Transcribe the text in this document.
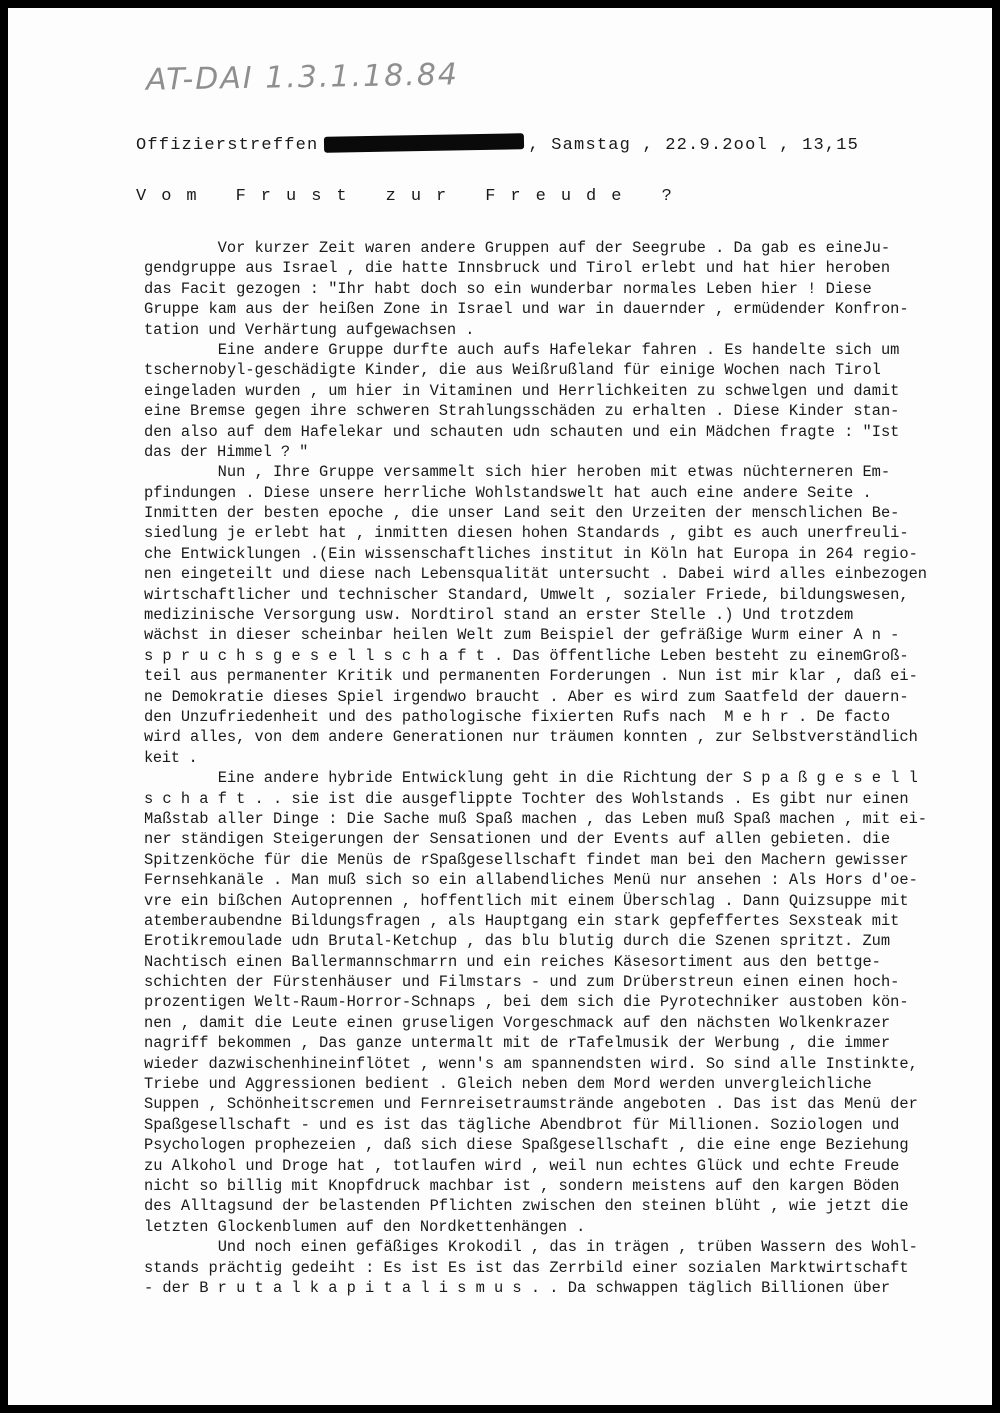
AT-DAI 1.3.1.18.84
Offizierstreffen	, Samstag , 22.9.2ool , 13,15
Vom Frust zur Freude ?
Vor kurzer Zeit waren andere Gruppen auf der Seegrube . Da gab es eineJu-
gendgruppe aus Israel , die hatte Innsbruck und Tirol erlebt und hat hier heroben
das Facit gezogen : "Ihr habt doch so ein wunderbar normales Leben hier ! Diese
Gruppe kam aus der heißen Zone in Israel und war in dauernder , ermüdender Konfron-
tation und Verhärtung aufgewachsen .
Eine andere Gruppe durfte auch aufs Hafelekar fahren . Es handelte sich um
tschernobyl-geschädigte Kinder, die aus Weißrußland für einige Wochen nach Tirol
eingeladen wurden , um hier in Vitaminen und Herrlichkeiten zu schwelgen und damit
eine Bremse gegen ihre schweren Strahlungsschäden zu erhalten . Diese Kinder stan-
den also auf dem Hafelekar und schauten udn schauten und ein Mädchen fragte : "Ist
das der Himmel ? "
Nun , Ihre Gruppe versammelt sich hier heroben mit etwas nüchterneren Em-
pfindungen . Diese unsere herrliche Wohlstandswelt hat auch eine andere Seite .
Inmitten der besten epoche , die unser Land seit den Urzeiten der menschlichen Be-
siedlung je erlebt hat , inmitten diesen hohen Standards , gibt es auch unerfreuli-
che Entwicklungen .(Ein wissenschaftliches institut in Köln hat Europa in 264 regio-
nen eingeteilt und diese nach Lebensqualität untersucht . Dabei wird alles einbezogen
wirtschaftlicher und technischer Standard, Umwelt , sozialer Friede, bildungswesen,
medizinische Versorgung usw. Nordtirol stand an erster Stelle .) Und trotzdem
wächst in dieser scheinbar heilen Welt zum Beispiel der gefräßige Wurm einer A n -
s p r u c h s g e s e l l s c h a f t . Das öffentliche Leben besteht zu einemGroß-
teil aus permanenter Kritik und permanenten Forderungen . Nun ist mir klar , daß ei-
ne Demokratie dieses Spiel irgendwo braucht . Aber es wird zum Saatfeld der dauern-
den Unzufriedenheit und des pathologische fixierten Rufs nach  M e h r . De facto
wird alles, von dem andere Generationen nur träumen konnten , zur Selbstverständlich
keit .
Eine andere hybride Entwicklung geht in die Richtung der S p a ß g e s e l l
s c h a f t . . sie ist die ausgeflippte Tochter des Wohlstands . Es gibt nur einen
Maßstab aller Dinge : Die Sache muß Spaß machen , das Leben muß Spaß machen , mit ei-
ner ständigen Steigerungen der Sensationen und der Events auf allen gebieten. die
Spitzenköche für die Menüs de rSpaßgesellschaft findet man bei den Machern gewisser
Fernsehkanäle . Man muß sich so ein allabendliches Menü nur ansehen : Als Hors d'oe-
vre ein bißchen Autoprennen , hoffentlich mit einem Überschlag . Dann Quizsuppe mit
atemberaubendne Bildungsfragen , als Hauptgang ein stark gepfeffertes Sexsteak mit
Erotikremoulade udn Brutal-Ketchup , das blu blutig durch die Szenen spritzt. Zum
Nachtisch einen Ballermannschmarrn und ein reiches Käsesortiment aus den bettge-
schichten der Fürstenhäuser und Filmstars - und zum Drüberstreun einen einen hoch-
prozentigen Welt-Raum-Horror-Schnaps , bei dem sich die Pyrotechniker austoben kön-
nen , damit die Leute einen gruseligen Vorgeschmack auf den nächsten Wolkenkrazer
nagriff bekommen , Das ganze untermalt mit de rTafelmusik der Werbung , die immer
wieder dazwischenhineinflötet , wenn's am spannendsten wird. So sind alle Instinkte,
Triebe und Aggressionen bedient . Gleich neben dem Mord werden unvergleichliche
Suppen , Schönheitscremen und Fernreisetraumstrände angeboten . Das ist das Menü der
Spaßgesellschaft - und es ist das tägliche Abendbrot für Millionen. Soziologen und
Psychologen prophezeien , daß sich diese Spaßgesellschaft , die eine enge Beziehung
zu Alkohol und Droge hat , totlaufen wird , weil nun echtes Glück und echte Freude
nicht so billig mit Knopfdruck machbar ist , sondern meistens auf den kargen Böden
des Alltagsund der belastenden Pflichten zwischen den steinen blüht , wie jetzt die
letzten Glockenblumen auf den Nordkettenhängen .
Und noch einen gefäßiges Krokodil , das in trägen , trüben Wassern des Wohl-
stands prächtig gedeiht : Es ist Es ist das Zerrbild einer sozialen Marktwirtschaft
- der B r u t a l k a p i t a l i s m u s . . Da schwappen täglich Billionen über
